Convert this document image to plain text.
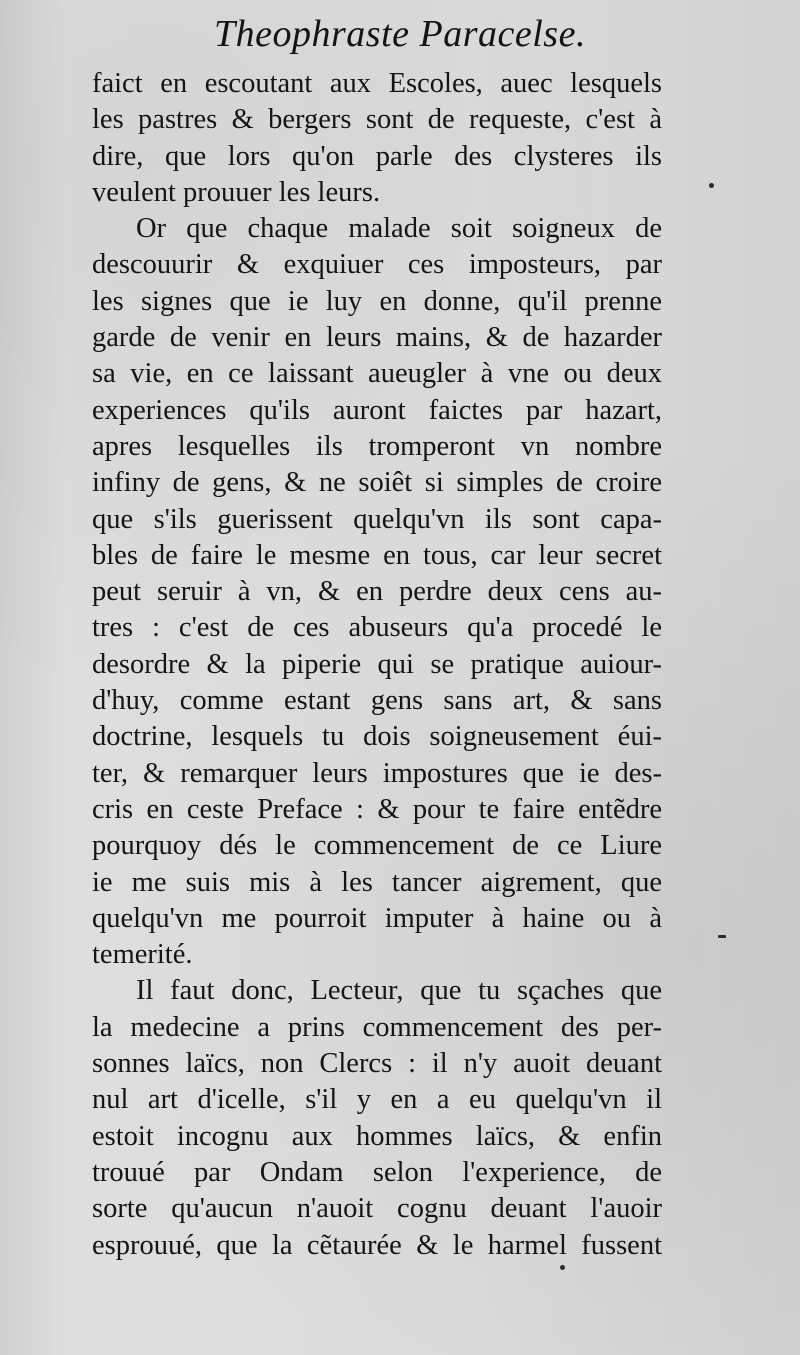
Theophraste Paracelse.
faict en escoutant aux Escoles, auec lesquels
les pastres & bergers sont de requeste, c'est à
dire, que lors qu'on parle des clysteres ils
veulent prouuer les leurs.
Or que chaque malade soit soigneux de
descouurir & exquiuer ces imposteurs, par
les signes que ie luy en donne, qu'il prenne
garde de venir en leurs mains, & de hazarder
sa vie, en ce laissant aueugler à vne ou deux
experiences qu'ils auront faictes par hazart,
apres lesquelles ils tromperont vn nombre
infiny de gens, & ne soiêt si simples de croire
que s'ils guerissent quelqu'vn ils sont capa-
bles de faire le mesme en tous, car leur secret
peut seruir à vn, & en perdre deux cens au-
tres : c'est de ces abuseurs qu'a procedé le
desordre & la piperie qui se pratique auiour-
d'huy, comme estant gens sans art, & sans
doctrine, lesquels tu dois soigneusement éui-
ter, & remarquer leurs impostures que ie des-
cris en ceste Preface : & pour te faire entẽdre
pourquoy dés le commencement de ce Liure
ie me suis mis à les tancer aigrement, que
quelqu'vn me pourroit imputer à haine ou à
temerité.
Il faut donc, Lecteur, que tu sçaches que
la medecine a prins commencement des per-
sonnes laïcs, non Clercs : il n'y auoit deuant
nul art d'icelle, s'il y en a eu quelqu'vn il
estoit incognu aux hommes laïcs, & enfin
trouué par Ondam selon l'experience, de
sorte qu'aucun n'auoit cognu deuant l'auoir
esprouué, que la cẽtaurée & le harmel fussent
